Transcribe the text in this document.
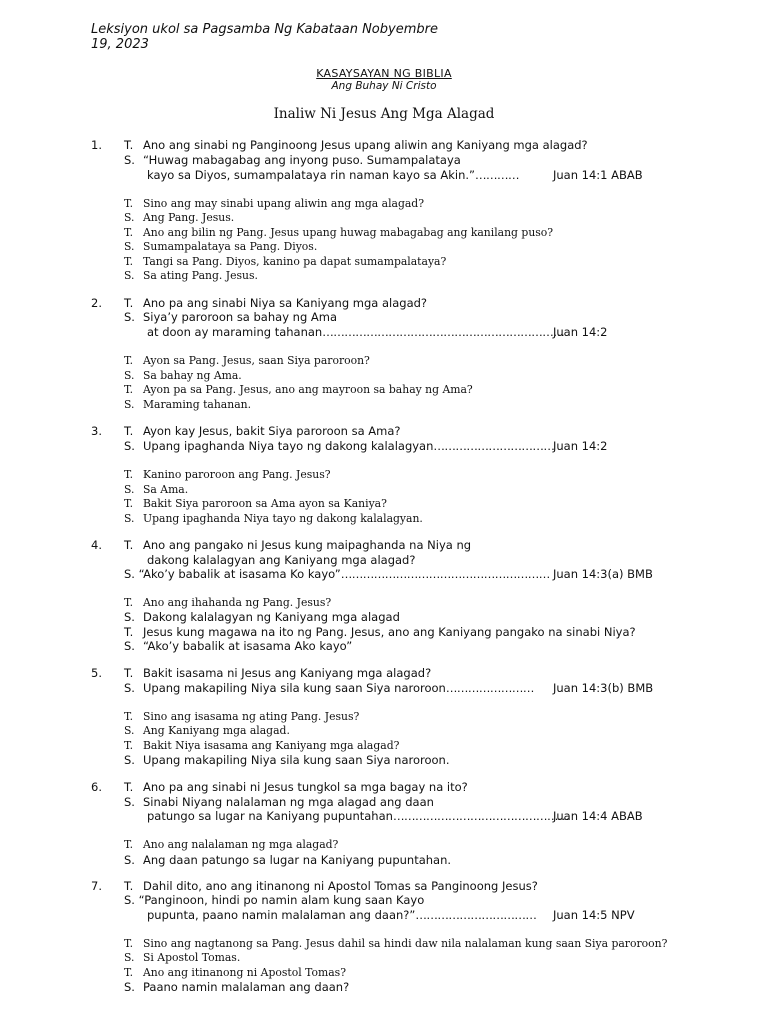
Leksiyon ukol sa Pagsamba Ng Kabataan Nobyembre
19, 2023
KASAYSAYAN NG BIBLIA
Ang Buhay Ni Cristo
Inaliw Ni Jesus Ang Mga Alagad
1. T. Ano ang sinabi ng Panginoong Jesus upang aliwin ang Kaniyang mga alagad?
S. “Huwag mabagabag ang inyong puso. Sumampalataya
kayo sa Diyos, sumampalataya rin naman kayo sa Akin.”…………	Juan 14:1 ABAB
T. Sino ang may sinabi upang aliwin ang mga alagad?
S. Ang Pang. Jesus.
T. Ano ang bilin ng Pang. Jesus upang huwag mabagabag ang kanilang puso?
S. Sumampalataya sa Pang. Diyos.
T. Tangi sa Pang. Diyos, kanino pa dapat sumampalataya?
S. Sa ating Pang. Jesus.
2. T. Ano pa ang sinabi Niya sa Kaniyang mga alagad?
S. Siya’y paroroon sa bahay ng Ama
at doon ay maraming tahanan…………………………………………………………
Juan 14:2
T. Ayon sa Pang. Jesus, saan Siya paroroon?
S. Sa bahay ng Ama.
T. Ayon pa sa Pang. Jesus, ano ang mayroon sa bahay ng Ama?
S. Maraming tahanan.
3. T. Ayon kay Jesus, bakit Siya paroroon sa Ama?
S. Upang ipaghanda Niya tayo ng dakong kalalagyan……………………………
Juan 14:2
T. Kanino paroroon ang Pang. Jesus?
S. Sa Ama.
T. Bakit Siya paroroon sa Ama ayon sa Kaniya?
S. Upang ipaghanda Niya tayo ng dakong kalalagyan.
4. T. Ano ang pangako ni Jesus kung maipaghanda na Niya ng
dakong kalalagyan ang Kaniyang mga alagad?
S. “Ako’y babalik at isasama Ko kayo”………………………………………………… Juan 14:3(a) BMB
T. Ano ang ihahanda ng Pang. Jesus?
S. Dakong kalalagyan ng Kaniyang mga alagad
T. Jesus kung magawa na ito ng Pang. Jesus, ano ang Kaniyang pangako na sinabi Niya?
S. “Ako’y babalik at isasama Ako kayo”
5. T. Bakit isasama ni Jesus ang Kaniyang mga alagad?
S. Upang makapiling Niya sila kung saan Siya naroroon…………………… Juan 14:3(b) BMB
T. Sino ang isasama ng ating Pang. Jesus?
S. Ang Kaniyang mga alagad.
T. Bakit Niya isasama ang Kaniyang mga alagad?
S. Upang makapiling Niya sila kung saan Siya naroroon.
6. T. Ano pa ang sinabi ni Jesus tungkol sa mga bagay na ito?
S. Sinabi Niyang nalalaman ng mga alagad ang daan
patungo sa lugar na Kaniyang pupuntahan…………………………………………
Juan 14:4 ABAB
T. Ano ang nalalaman ng mga alagad?
S. Ang daan patungo sa lugar na Kaniyang pupuntahan.
7. T. Dahil dito, ano ang itinanong ni Apostol Tomas sa Panginoong Jesus?
S. “Panginoon, hindi po namin alam kung saan Kayo
pupunta, paano namin malalaman ang daan?”…………………………… Juan 14:5 NPV
T. Sino ang nagtanong sa Pang. Jesus dahil sa hindi daw nila nalalaman kung saan Siya paroroon?
S. Si Apostol Tomas.
T. Ano ang itinanong ni Apostol Tomas?
S. Paano namin malalaman ang daan?
